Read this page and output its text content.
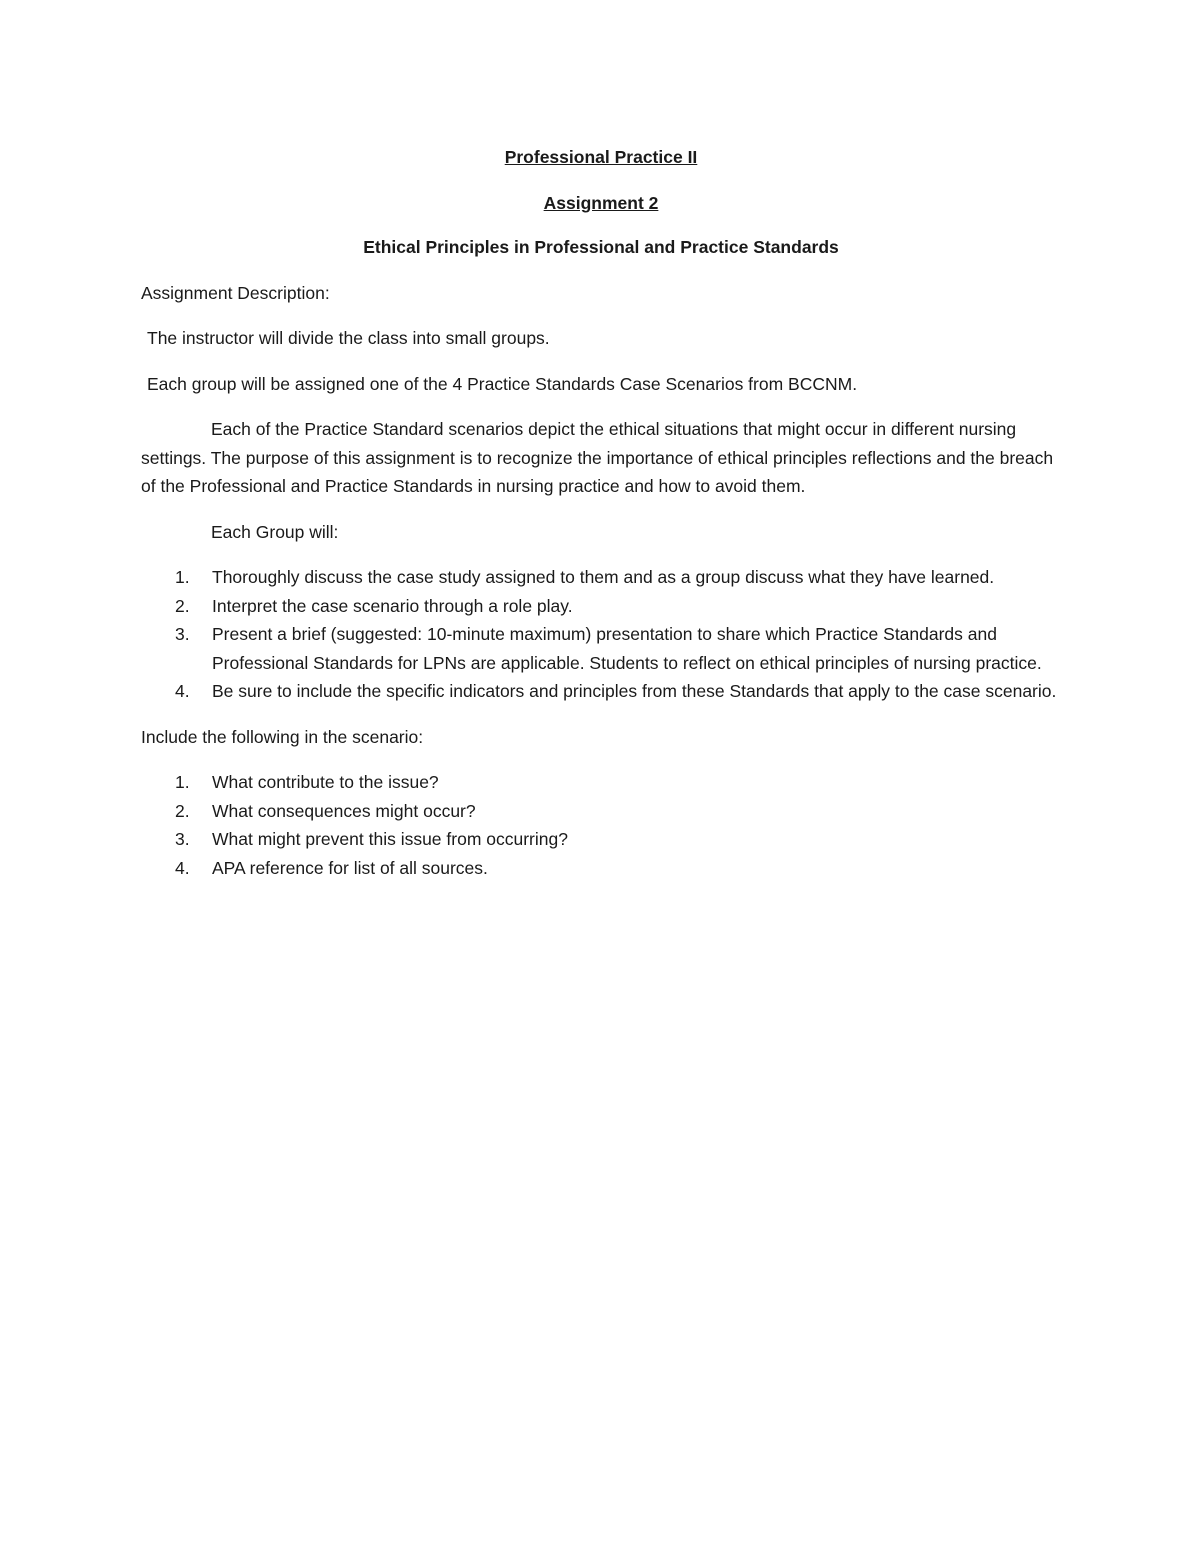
Professional Practice II

Assignment 2

Ethical Principles in Professional and Practice Standards

Assignment Description:

The instructor will divide the class into small groups.

Each group will be assigned one of the 4 Practice Standards Case Scenarios from BCCNM.

Each of the Practice Standard scenarios depict the ethical situations that might occur in different nursing settings. The purpose of this assignment is to recognize the importance of ethical principles reflections and the breach of the Professional and Practice Standards in nursing practice and how to avoid them.

Each Group will:

1. Thoroughly discuss the case study assigned to them and as a group discuss what they have learned.
2. Interpret the case scenario through a role play.
3. Present a brief (suggested: 10-minute maximum) presentation to share which Practice Standards and Professional Standards for LPNs are applicable. Students to reflect on ethical principles of nursing practice.
4. Be sure to include the specific indicators and principles from these Standards that apply to the case scenario.

Include the following in the scenario:

1. What contribute to the issue?
2. What consequences might occur?
3. What might prevent this issue from occurring?
4. APA reference for list of all sources.
